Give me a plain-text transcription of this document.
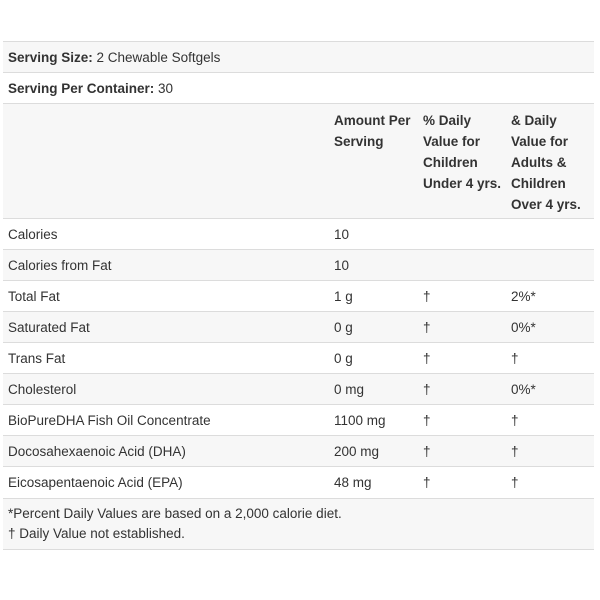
Serving Size: 2 Chewable Softgels			
Serving Per Container: 30			
	Amount Per Serving	% Daily Value for Children Under 4 yrs.	& Daily Value for Adults & Children Over 4 yrs.
Calories	10		
Calories from Fat	10		
Total Fat	1 g	†	2%*
Saturated Fat	0 g	†	0%*
Trans Fat	0 g	†	†
Cholesterol	0 mg	†	0%*
BioPureDHA Fish Oil Concentrate	1100 mg	†	†
Docosahexaenoic Acid (DHA)	200 mg	†	†
Eicosapentaenoic Acid (EPA)	48 mg	†	†
*Percent Daily Values are based on a 2,000 calorie diet.
† Daily Value not established.
